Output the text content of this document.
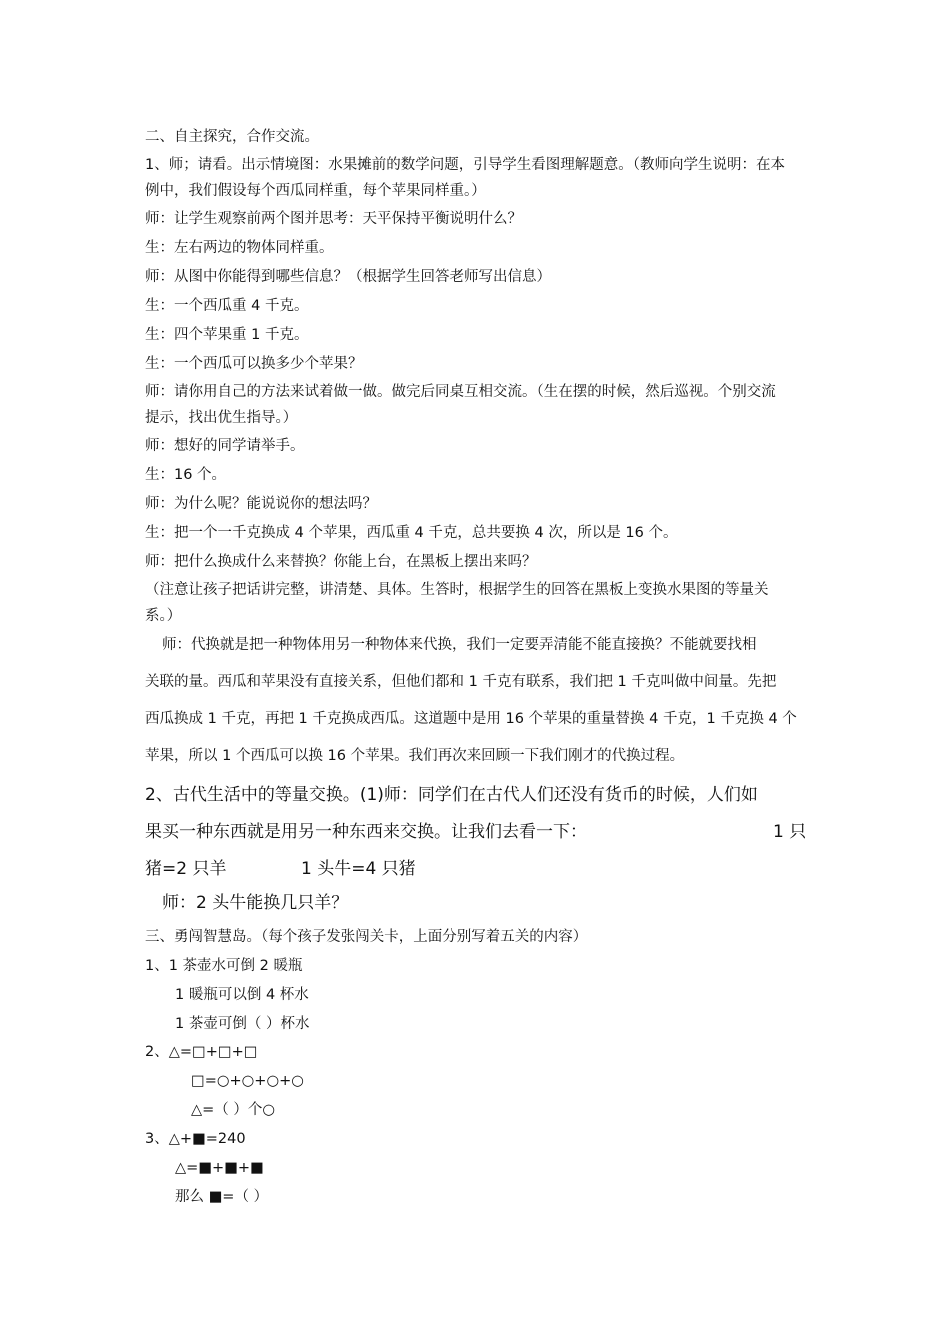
二、自主探究，合作交流。
1、师；请看。出示情境图：水果摊前的数学问题，引导学生看图理解题意。（教师向学生说明：在本
例中，我们假设每个西瓜同样重，每个苹果同样重。）
师：让学生观察前两个图并思考：天平保持平衡说明什么？
生：左右两边的物体同样重。
师：从图中你能得到哪些信息？（根据学生回答老师写出信息）
生：一个西瓜重 4 千克。
生：四个苹果重 1 千克。
生：一个西瓜可以换多少个苹果？
师：请你用自己的方法来试着做一做。做完后同桌互相交流。（生在摆的时候，然后巡视。个别交流
提示，找出优生指导。）
师：想好的同学请举手。
生：16 个。
师：为什么呢？能说说你的想法吗？
生：把一个一千克换成 4 个苹果，西瓜重 4 千克，总共要换 4 次，所以是 16 个。
师：把什么换成什么来替换？你能上台，在黑板上摆出来吗？
（注意让孩子把话讲完整，讲清楚、具体。生答时，根据学生的回答在黑板上变换水果图的等量关
系。）
师：代换就是把一种物体用另一种物体来代换，我们一定要弄清能不能直接换？不能就要找相
关联的量。西瓜和苹果没有直接关系，但他们都和 1 千克有联系，我们把 1 千克叫做中间量。先把
西瓜换成 1 千克，再把 1 千克换成西瓜。这道题中是用 16 个苹果的重量替换 4 千克，1 千克换 4 个
苹果，所以 1 个西瓜可以换 16 个苹果。我们再次来回顾一下我们刚才的代换过程。
2、古代生活中的等量交换。(1)师：同学们在古代人们还没有货币的时候，人们如
果买一种东西就是用另一种东西来交换。让我们去看一下：	1 只
猪=2 只羊	1 头牛=4 只猪
师：2 头牛能换几只羊？
三、勇闯智慧岛。（每个孩子发张闯关卡，上面分别写着五关的内容）
1、1 茶壶水可倒 2 暖瓶
1 暖瓶可以倒 4 杯水
1 茶壶可倒（ ）杯水
2、△=□+□+□
□=○+○+○+○
△=（ ）个○
3、△+■=240
△=■+■+■
那么 ■=（ ）
